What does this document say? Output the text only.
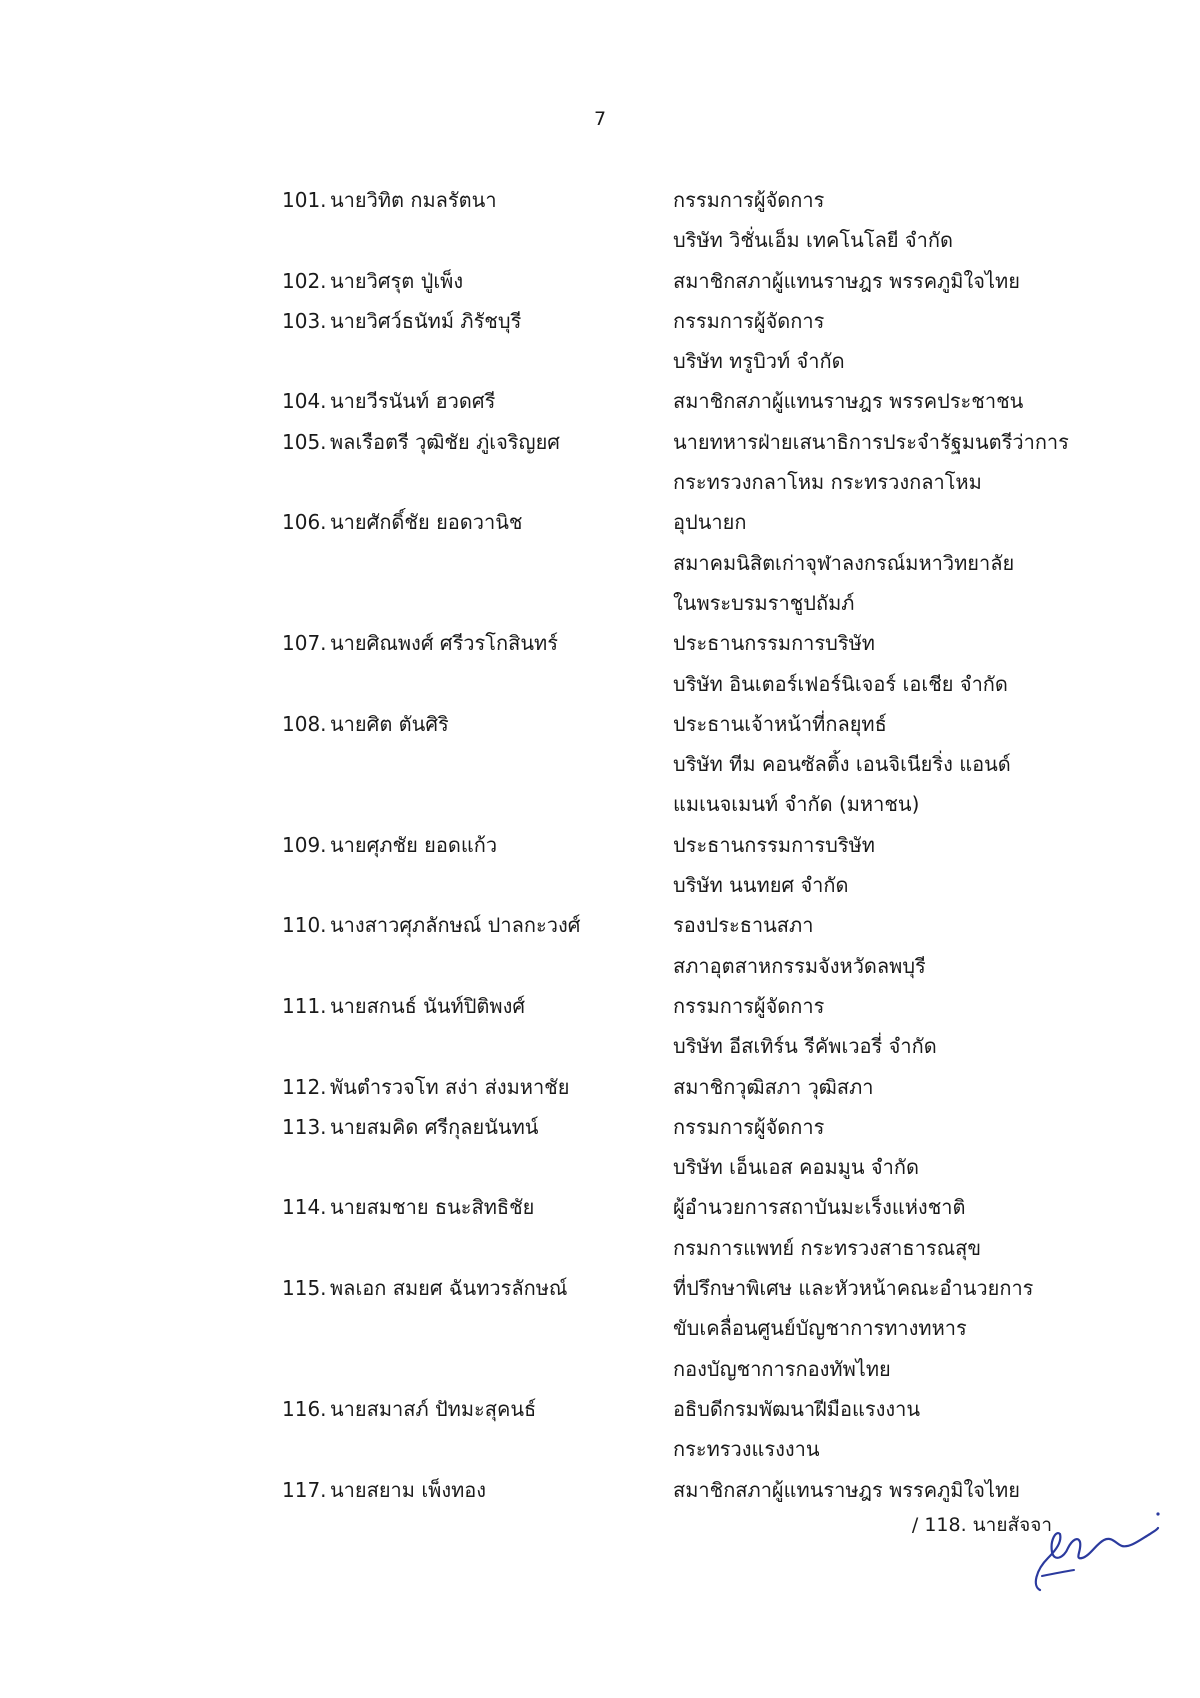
7
101. นายวิทิต กมลรัตนา	กรรมการผู้จัดการ
บริษัท วิชั่นเอ็ม เทคโนโลยี จำกัด
102. นายวิศรุต ปู่เพ็ง	สมาชิกสภาผู้แทนราษฎร พรรคภูมิใจไทย
103. นายวิศว์ธนัทม์ ภิรัชบุรี	กรรมการผู้จัดการ
บริษัท ทรูบิวท์ จำกัด
104. นายวีรนันท์ ฮวดศรี	สมาชิกสภาผู้แทนราษฎร พรรคประชาชน
105. พลเรือตรี วุฒิชัย ภู่เจริญยศ	นายทหารฝ่ายเสนาธิการประจำรัฐมนตรีว่าการ
กระทรวงกลาโหม กระทรวงกลาโหม
106. นายศักดิ์ชัย ยอดวานิช	อุปนายก
สมาคมนิสิตเก่าจุฬาลงกรณ์มหาวิทยาลัย
ในพระบรมราชูปถัมภ์
107. นายศิณพงศ์ ศรีวรโกสินทร์	ประธานกรรมการบริษัท
บริษัท อินเตอร์เฟอร์นิเจอร์ เอเชีย จำกัด
108. นายศิต ตันศิริ	ประธานเจ้าหน้าที่กลยุทธ์
บริษัท ทีม คอนซัลติ้ง เอนจิเนียริ่ง แอนด์
แมเนจเมนท์ จำกัด (มหาชน)
109. นายศุภชัย ยอดแก้ว	ประธานกรรมการบริษัท
บริษัท นนทยศ จำกัด
110. นางสาวศุภลักษณ์ ปาลกะวงศ์	รองประธานสภา
สภาอุตสาหกรรมจังหวัดลพบุรี
111. นายสกนธ์ นันท์ปิติพงศ์	กรรมการผู้จัดการ
บริษัท อีสเทิร์น รีคัพเวอรี่ จำกัด
112. พันตำรวจโท สง่า ส่งมหาชัย	สมาชิกวุฒิสภา วุฒิสภา
113. นายสมคิด ศรีกุลยนันทน์	กรรมการผู้จัดการ
บริษัท เอ็นเอส คอมมูน จำกัด
114. นายสมชาย ธนะสิทธิชัย	ผู้อำนวยการสถาบันมะเร็งแห่งชาติ
กรมการแพทย์ กระทรวงสาธารณสุข
115. พลเอก สมยศ ฉันทวรลักษณ์	ที่ปรึกษาพิเศษ และหัวหน้าคณะอำนวยการ
ขับเคลื่อนศูนย์บัญชาการทางทหาร
กองบัญชาการกองทัพไทย
116. นายสมาสภ์ ปัทมะสุคนธ์	อธิบดีกรมพัฒนาฝีมือแรงงาน
กระทรวงแรงงาน
117. นายสยาม เพ็งทอง	สมาชิกสภาผู้แทนราษฎร พรรคภูมิใจไทย
/ 118. นายสัจจา
